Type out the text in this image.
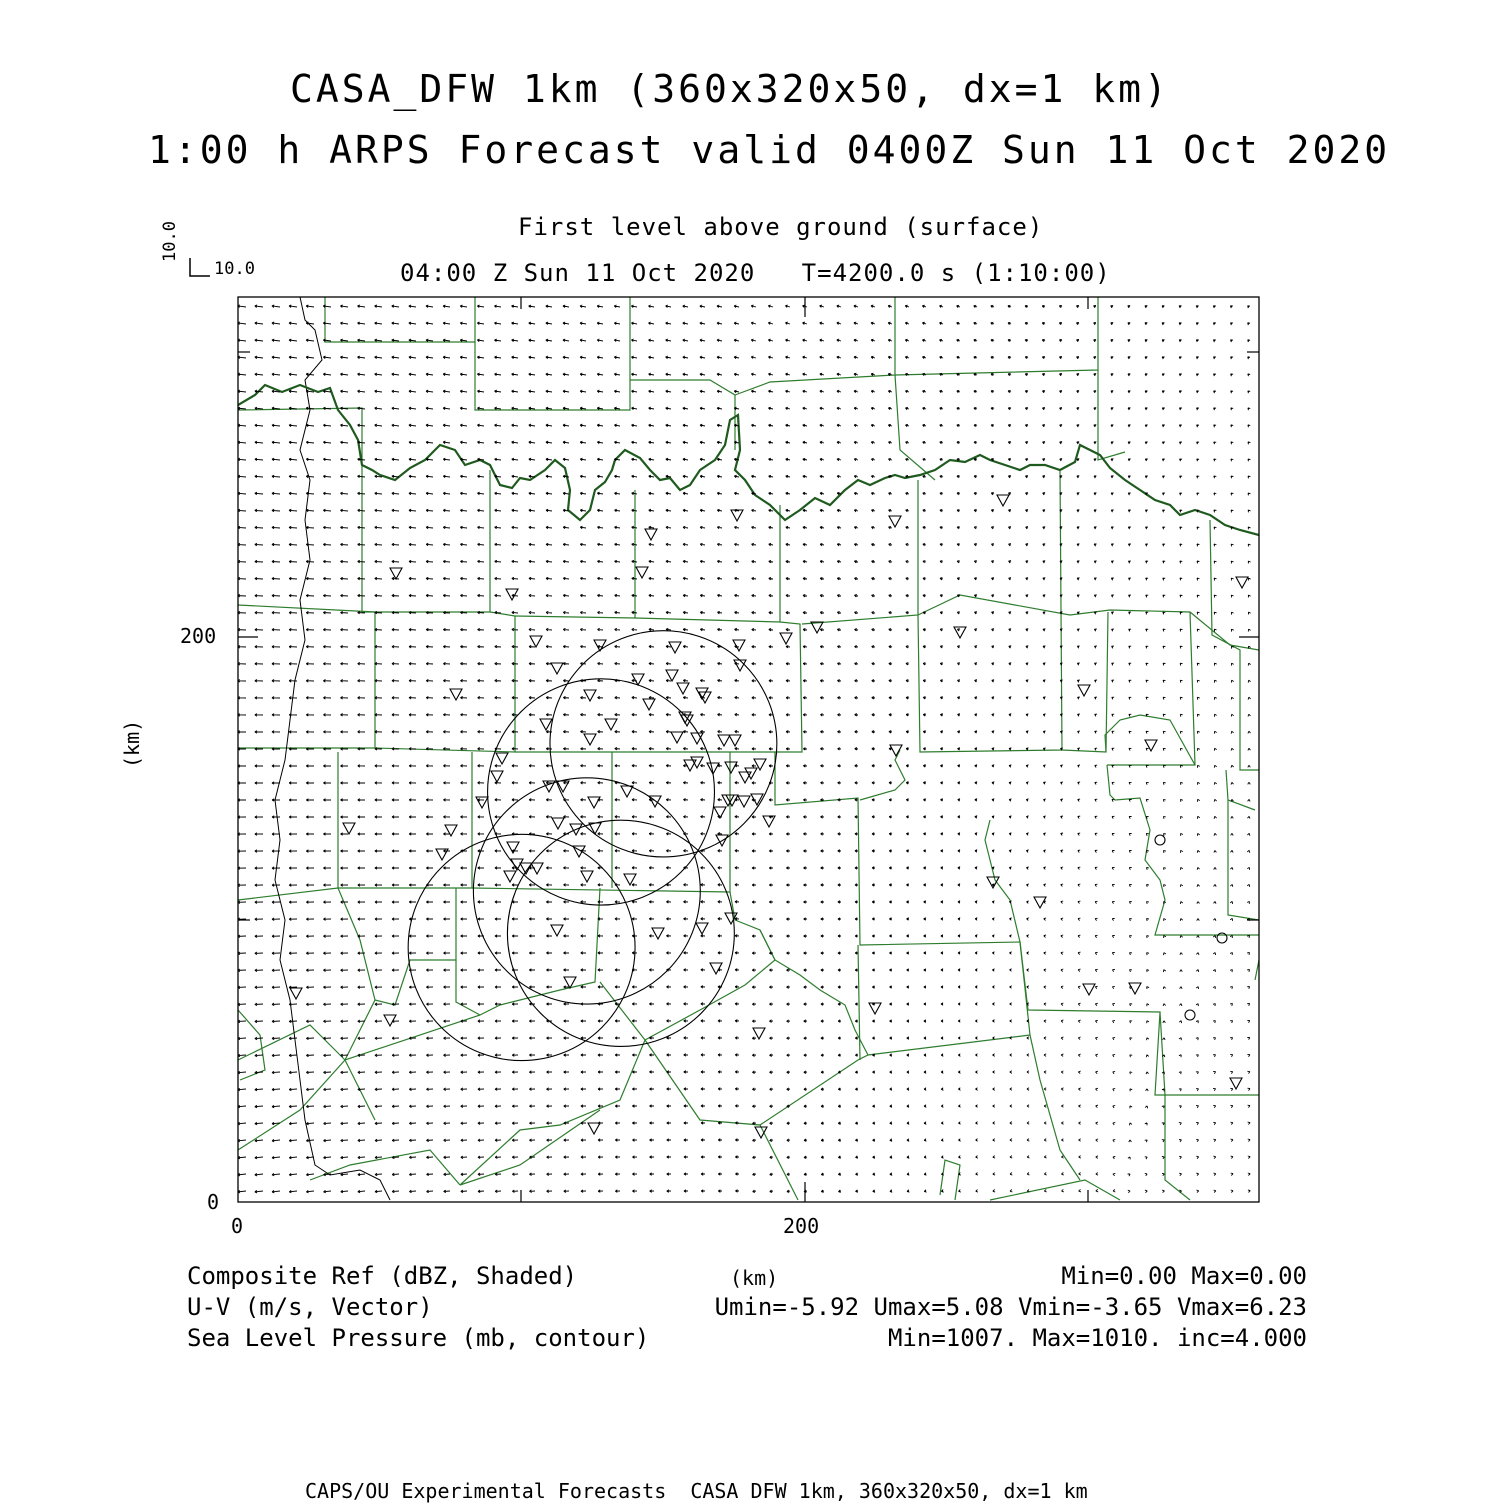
CASA_DFW 1km (360x320x50, dx=1 km)
1:00 h ARPS Forecast valid 0400Z Sun 11 Oct 2020
First level above ground (surface)
04:00 Z Sun 11 Oct 2020   T=4200.0 s (1:10:00)
10.0
10.0
200
0
0	200
(km)
(km)
Composite Ref (dBZ, Shaded)	Min=0.00 Max=0.00
U-V (m/s, Vector)	Umin=-5.92 Umax=5.08 Vmin=-3.65 Vmax=6.23
Sea Level Pressure (mb, contour)	Min=1007. Max=1010. inc=4.000
CAPS/OU Experimental Forecasts  CASA DFW 1km, 360x320x50, dx=1 km
